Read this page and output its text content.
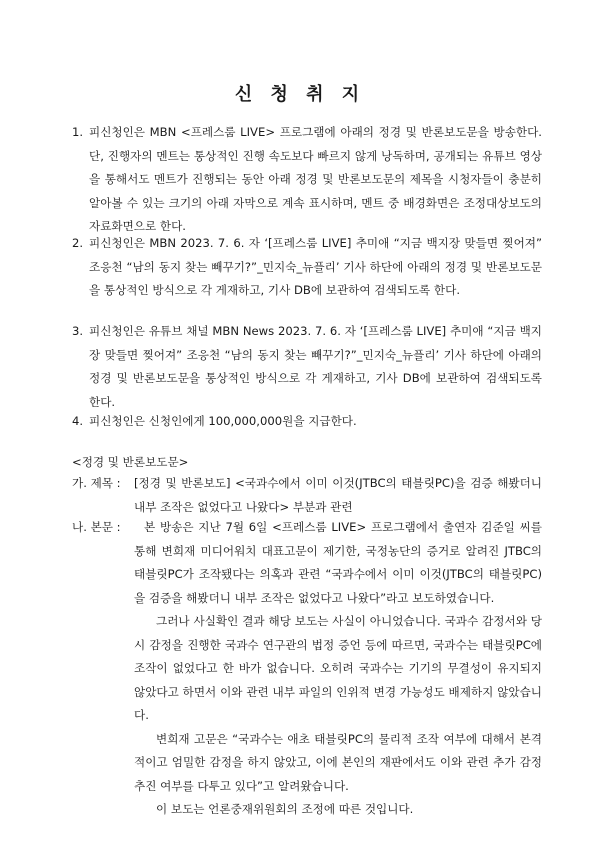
신 청 취 지
1. 피신청인은 MBN <프레스룸 LIVE> 프로그램에 아래의 정경 및 반론보도문을 방송한다. 단, 진행자의 멘트는 통상적인 진행 속도보다 빠르지 않게 낭독하며, 공개되는 유튜브 영상을 통해서도 멘트가 진행되는 동안 아래 정경 및 반론보도문의 제목을 시청자들이 충분히 알아볼 수 있는 크기의 아래 자막으로 계속 표시하며, 멘트 중 배경화면은 조정대상보도의 자료화면으로 한다.
2. 피신청인은 MBN 2023. 7. 6. 자 ‘[프레스룸 LIVE] 추미애 “지금 백지장 맞들면 찢어져” 조응천 “남의 동지 찾는 빼꾸기?”_민지숙_뉴플리’ 기사 하단에 아래의 정경 및 반론보도문을 통상적인 방식으로 각 게재하고, 기사 DB에 보관하여 검색되도록 한다.
3. 피신청인은 유튜브 채널 MBN News 2023. 7. 6. 자 ‘[프레스룸 LIVE] 추미애 “지금 백지장 맞들면 찢어져” 조응천 “남의 동지 찾는 빼꾸기?”_민지숙_뉴플리’ 기사 하단에 아래의 정경 및 반론보도문을 통상적인 방식으로 각 게재하고, 기사 DB에 보관하여 검색되도록 한다.
4. 피신청인은 신청인에게 100,000,000원을 지급한다.
<정경 및 반론보도문>
가. 제목 :	[정경 및 반론보도] <국과수에서 이미 이것(JTBC의 태블릿PC)을 검증 해봤더니 내부 조작은 없었다고 나왔다> 부분과 관련
나. 본문 :	본 방송은 지난 7월 6일 <프레스룸 LIVE> 프로그램에서 출연자 김준일 씨를 통해 변희재 미디어워치 대표고문이 제기한, 국정농단의 증거로 알려진 JTBC의 태블릿PC가 조작됐다는 의혹과 관련 “국과수에서 이미 이것(JTBC의 태블릿PC)을 검증을 해봤더니 내부 조작은 없었다고 나왔다”라고 보도하였습니다.

그러나 사실확인 결과 해당 보도는 사실이 아니었습니다. 국과수 감정서와 당시 감정을 진행한 국과수 연구관의 법정 증언 등에 따르면, 국과수는 태블릿PC에 조작이 없었다고 한 바가 없습니다. 오히려 국과수는 기기의 무결성이 유지되지 않았다고 하면서 이와 관련 내부 파일의 인위적 변경 가능성도 배제하지 않았습니다.

변희재 고문은 “국과수는 애초 태블릿PC의 물리적 조작 여부에 대해서 본격적이고 엄밀한 감정을 하지 않았고, 이에 본인의 재판에서도 이와 관련 추가 감정 추진 여부를 다투고 있다”고 알려왔습니다.

이 보도는 언론중재위원회의 조정에 따른 것입니다.
